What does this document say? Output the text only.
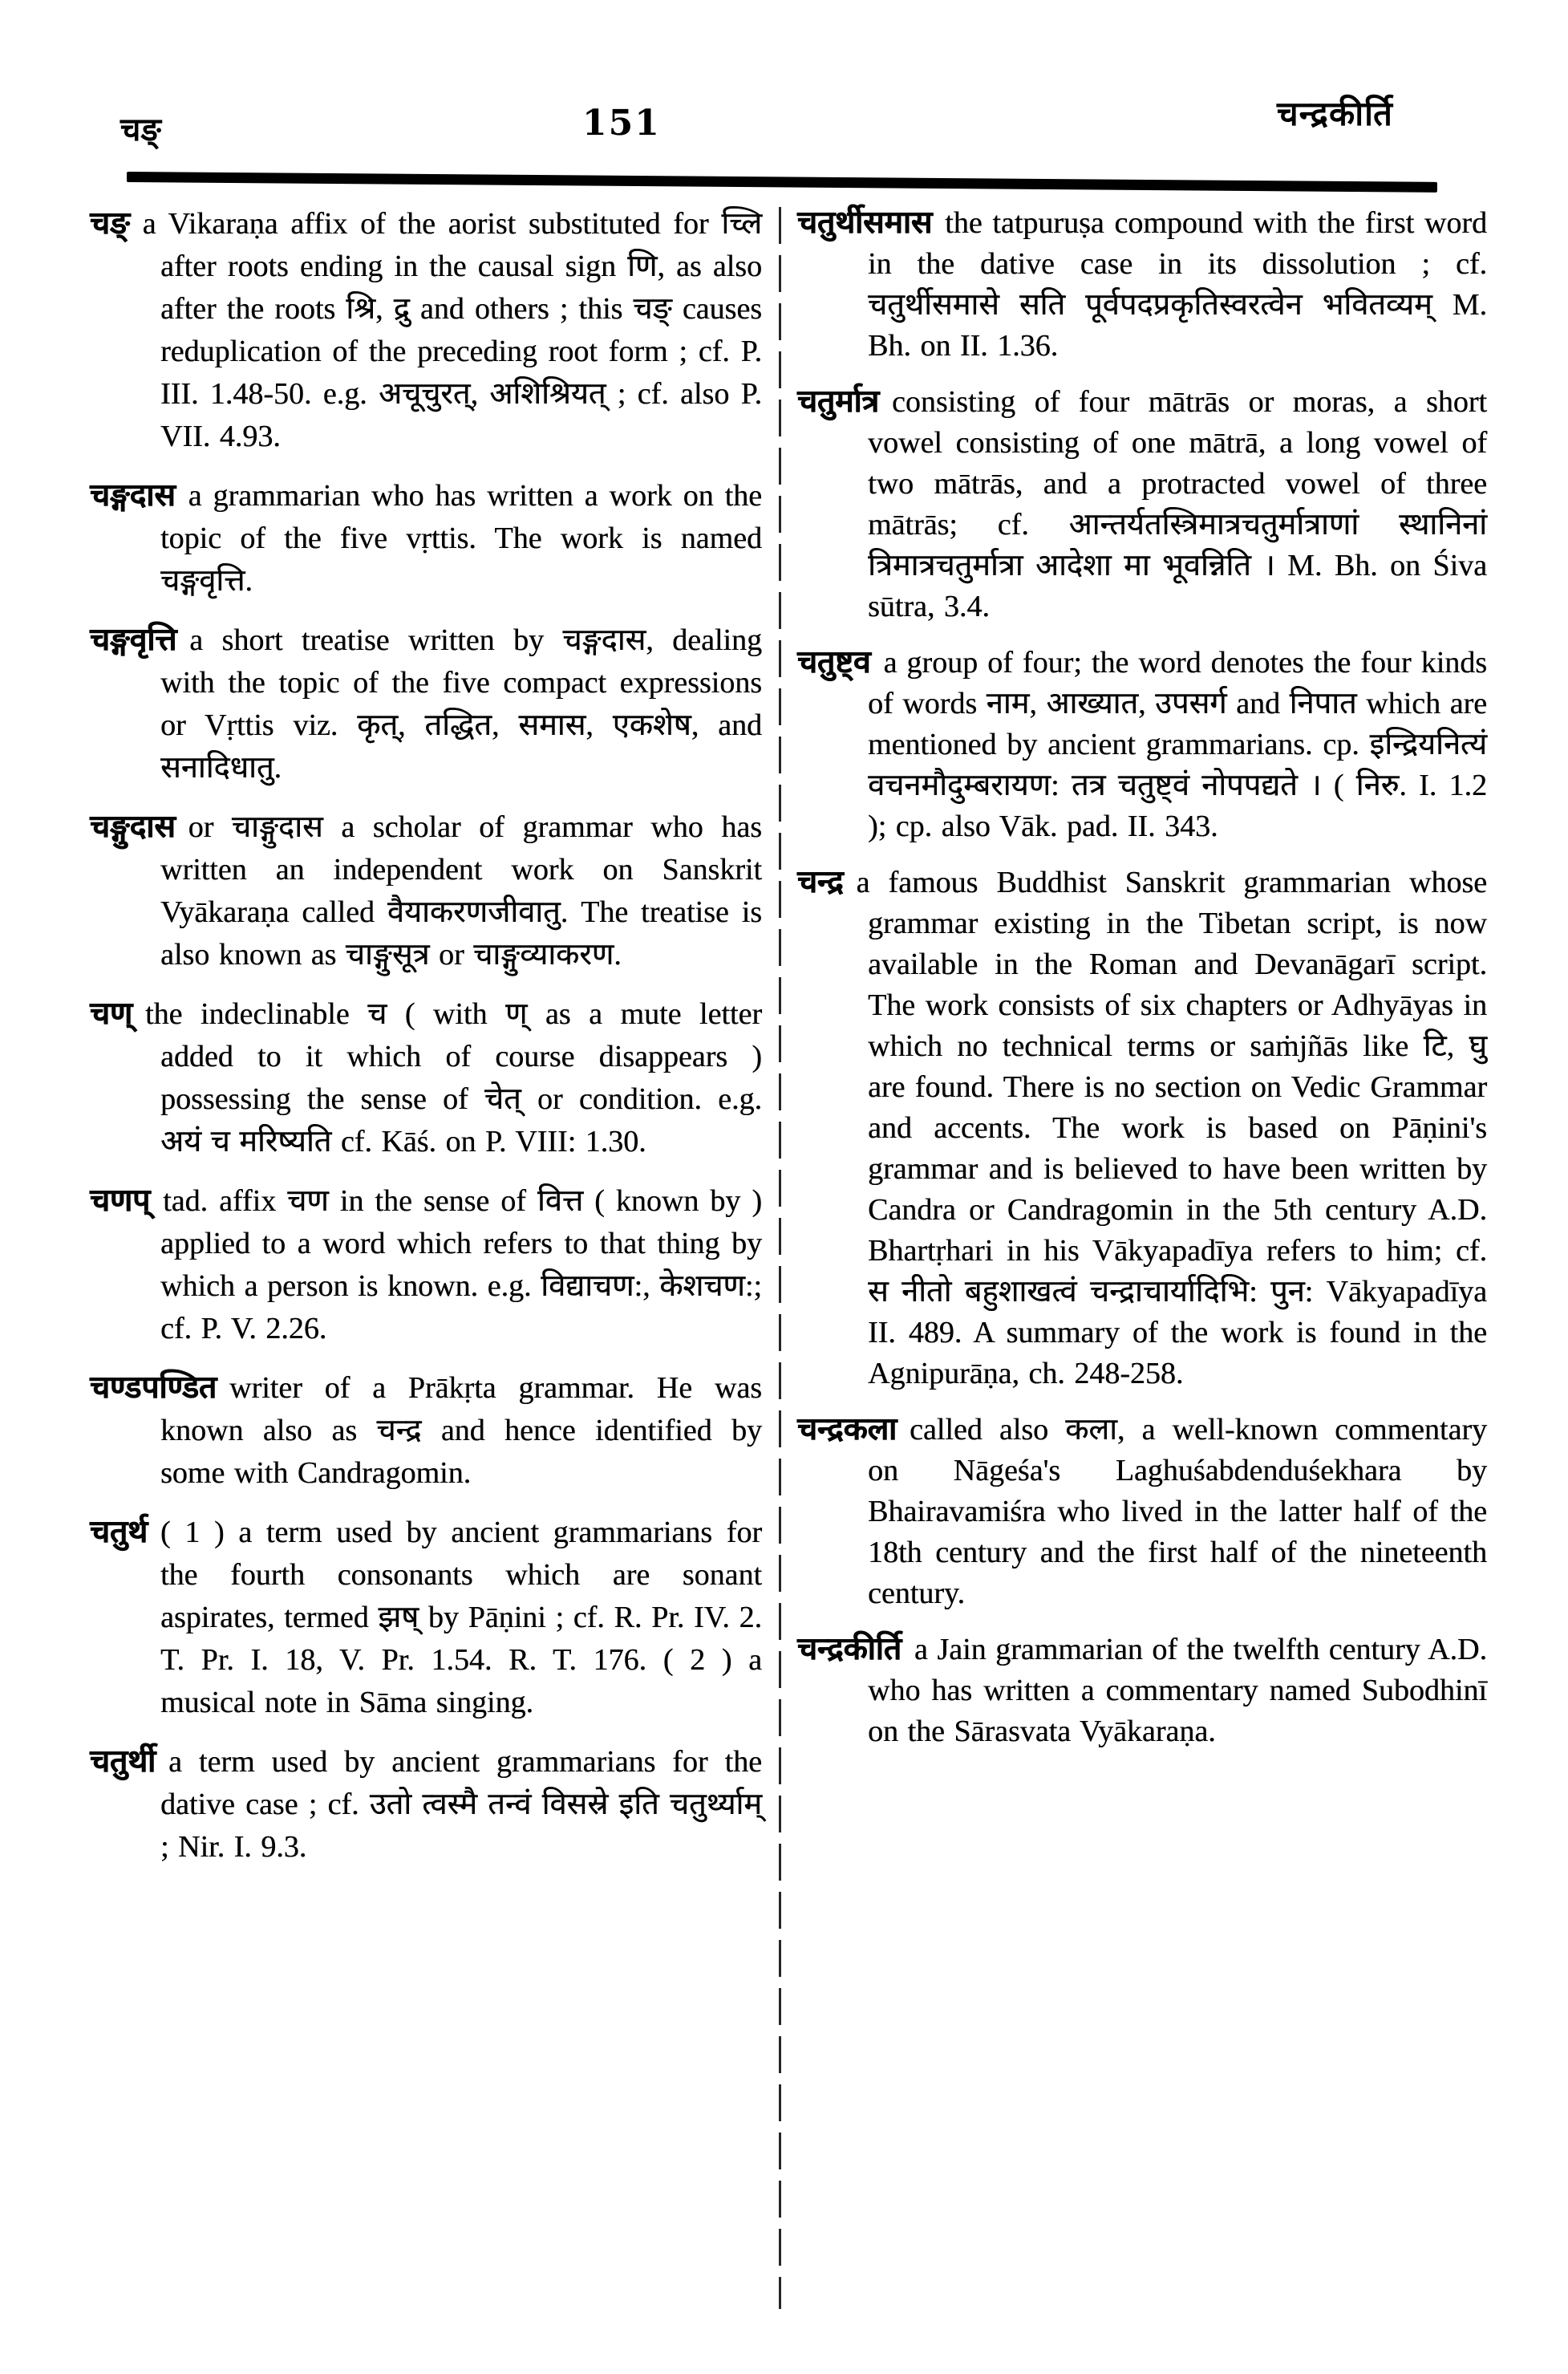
चङ्	151	चन्द्रकीर्ति

चङ् a Vikaraṇa affix of the aorist substituted for च्लि after roots ending in the causal sign णि, as also after the roots श्रि, द्रु and others ; this चङ् causes reduplication of the preceding root form ; cf. P. III. 1.48-50. e.g. अचूचुरत्, अशिश्रियत् ; cf. also P. VII. 4.93.

चङ्गदास a grammarian who has written a work on the topic of the five vṛttis. The work is named चङ्गवृत्ति.

चङ्गवृत्ति a short treatise written by चङ्गदास, dealing with the topic of the five compact expressions or Vṛttis viz. कृत्, तद्धित, समास, एकशेष, and सनादिधातु.

चङ्गुदास or चाङ्गुदास a scholar of grammar who has written an independent work on Sanskrit Vyākaraṇa called वैयाकरणजीवातु. The treatise is also known as चाङ्गुसूत्र or चाङ्गुव्याकरण.

चण् the indeclinable च ( with ण् as a mute letter added to it which of course disappears ) possessing the sense of चेत् or condition. e.g. अयं च मरिष्यति cf. Kāś. on P. VIII: 1.30.

चणप् tad. affix चण in the sense of वित्त ( known by ) applied to a word which refers to that thing by which a person is known. e.g. विद्याचण:, केशचण:; cf. P. V. 2.26.

चण्डपण्डित writer of a Prākṛta grammar. He was known also as चन्द्र and hence identified by some with Candragomin.

चतुर्थ ( 1 ) a term used by ancient grammarians for the fourth consonants which are sonant aspirates, termed झष् by Pāṇini ; cf. R. Pr. IV. 2. T. Pr. I. 18, V. Pr. 1.54. R. T. 176. ( 2 ) a musical note in Sāma singing.

चतुर्थी a term used by ancient grammarians for the dative case ; cf. उतो त्वस्मै तन्वं विसस्रे इति चतुर्थ्याम् ; Nir. I. 9.3.

चतुर्थीसमास the tatpuruṣa compound with the first word in the dative case in its dissolution ; cf. चतुर्थीसमासे सति पूर्वपदप्रकृतिस्वरत्वेन भवितव्यम् M. Bh. on II. 1.36.

चतुर्मात्र consisting of four mātrās or moras, a short vowel consisting of one mātrā, a long vowel of two mātrās, and a protracted vowel of three mātrās; cf. आन्तर्यतस्त्रिमात्रचतुर्मात्राणां स्थानिनां त्रिमात्रचतुर्मात्रा आदेशा मा भूवन्निति । M. Bh. on Śiva sūtra, 3.4.

चतुष्ट्व a group of four; the word denotes the four kinds of words नाम, आख्यात, उपसर्ग and निपात which are mentioned by ancient grammarians. cp. इन्द्रियनित्यं वचनमौदुम्बरायण: तत्र चतुष्ट्वं नोपपद्यते । ( निरु. I. 1.2 ); cp. also Vāk. pad. II. 343.

चन्द्र a famous Buddhist Sanskrit grammarian whose grammar existing in the Tibetan script, is now available in the Roman and Devanāgarī script. The work consists of six chapters or Adhyāyas in which no technical terms or saṁjñās like टि, घु are found. There is no section on Vedic Grammar and accents. The work is based on Pāṇini's grammar and is believed to have been written by Candra or Candragomin in the 5th century A.D. Bhartṛhari in his Vākyapadīya refers to him; cf. स नीतो बहुशाखत्वं चन्द्राचार्यादिभि: पुन: Vākyapadīya II. 489. A summary of the work is found in the Agnipurāṇa, ch. 248-258.

चन्द्रकला called also कला, a well-known commentary on Nāgeśa's Laghuśabdenduśekhara by Bhairavamiśra who lived in the latter half of the 18th century and the first half of the nineteenth century.

चन्द्रकीर्ति a Jain grammarian of the twelfth century A.D. who has written a commentary named Subodhinī on the Sārasvata Vyākaraṇa.
